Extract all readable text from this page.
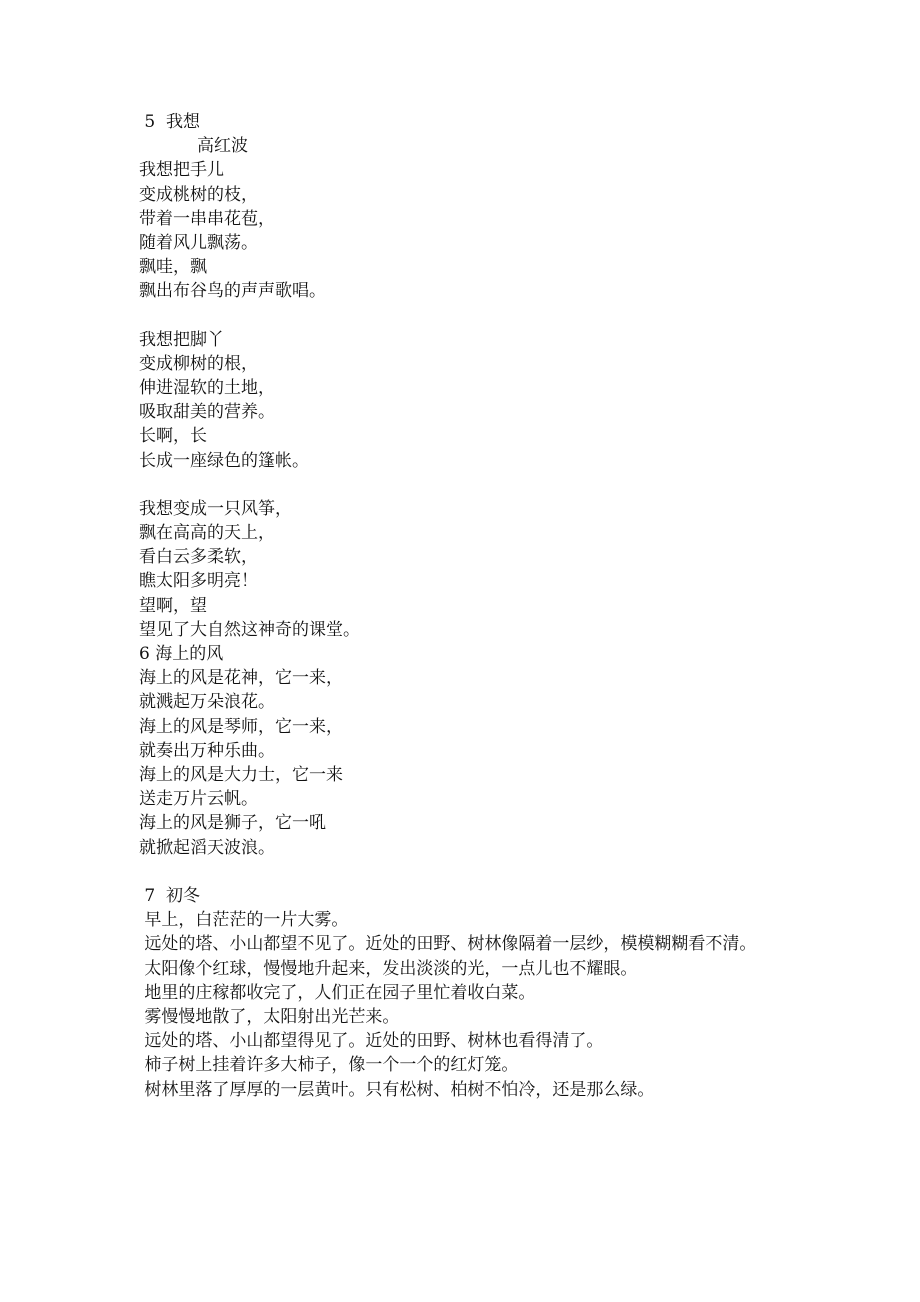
5  我想

高红波

我想把手儿

变成桃树的枝，

带着一串串花苞，

随着风儿飘荡。

飘哇，飘

飘出布谷鸟的声声歌唱。

我想把脚丫

变成柳树的根，

伸进湿软的土地，

吸取甜美的营养。

长啊，长

长成一座绿色的篷帐。

我想变成一只风筝，

飘在高高的天上，

看白云多柔软，

瞧太阳多明亮！

望啊，望

望见了大自然这神奇的课堂。

6 海上的风

海上的风是花神，它一来，

就溅起万朵浪花。

海上的风是琴师，它一来，

就奏出万种乐曲。

海上的风是大力士，它一来

送走万片云帆。

海上的风是狮子，它一吼

就掀起滔天波浪。

7  初冬

早上，白茫茫的一片大雾。

远处的塔、小山都望不见了。近处的田野、树林像隔着一层纱，模模糊糊看不清。

太阳像个红球，慢慢地升起来，发出淡淡的光，一点儿也不耀眼。

地里的庄稼都收完了，人们正在园子里忙着收白菜。

雾慢慢地散了，太阳射出光芒来。

远处的塔、小山都望得见了。近处的田野、树林也看得清了。

柿子树上挂着许多大柿子，像一个一个的红灯笼。

树林里落了厚厚的一层黄叶。只有松树、柏树不怕冷，还是那么绿。
